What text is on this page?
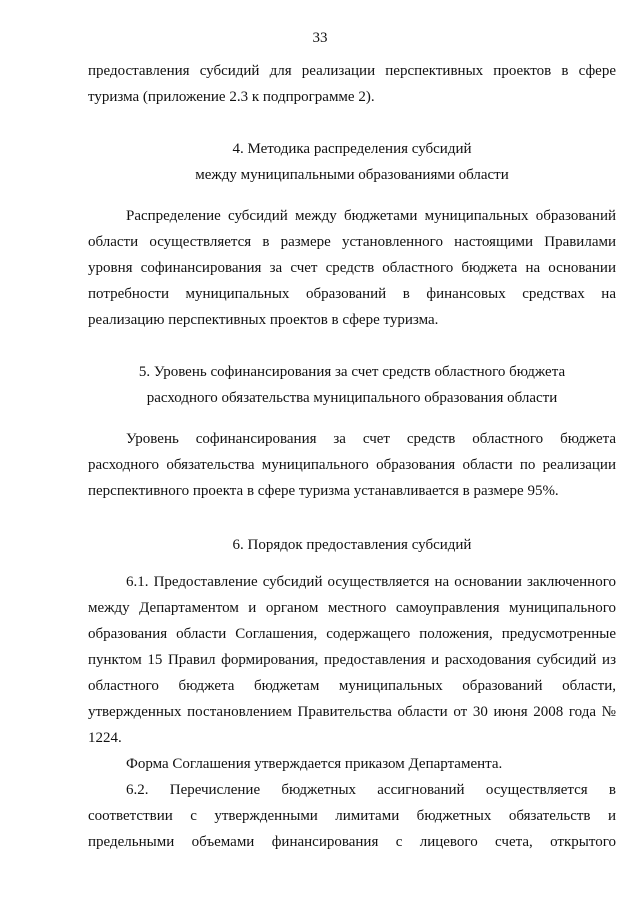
33
предоставления субсидий для реализации перспективных проектов в сфере
туризма (приложение 2.3 к подпрограмме 2).
4. Методика распределения субсидий
между муниципальными образованиями области
Распределение субсидий между бюджетами муниципальных образований
области осуществляется в размере установленного настоящими Правилами
уровня софинансирования за счет средств областного бюджета на основании
потребности муниципальных образований в финансовых средствах на
реализацию перспективных проектов в сфере туризма.
5. Уровень софинансирования за счет средств областного бюджета
расходного обязательства муниципального образования области
Уровень софинансирования за счет средств областного бюджета
расходного обязательства муниципального образования области по реализации
перспективного проекта в сфере туризма устанавливается в размере 95%.
6. Порядок предоставления субсидий
6.1. Предоставление субсидий осуществляется на основании заключенного
между Департаментом и органом местного самоуправления муниципального
образования области Соглашения, содержащего положения, предусмотренные
пунктом 15 Правил формирования, предоставления и расходования субсидий из
областного бюджета бюджетам муниципальных образований области,
утвержденных постановлением Правительства области от 30 июня 2008 года №
1224.
Форма Соглашения утверждается приказом Департамента.
6.2. Перечисление бюджетных ассигнований осуществляется в
соответствии с утвержденными лимитами бюджетных обязательств и
предельными объемами финансирования с лицевого счета, открытого
